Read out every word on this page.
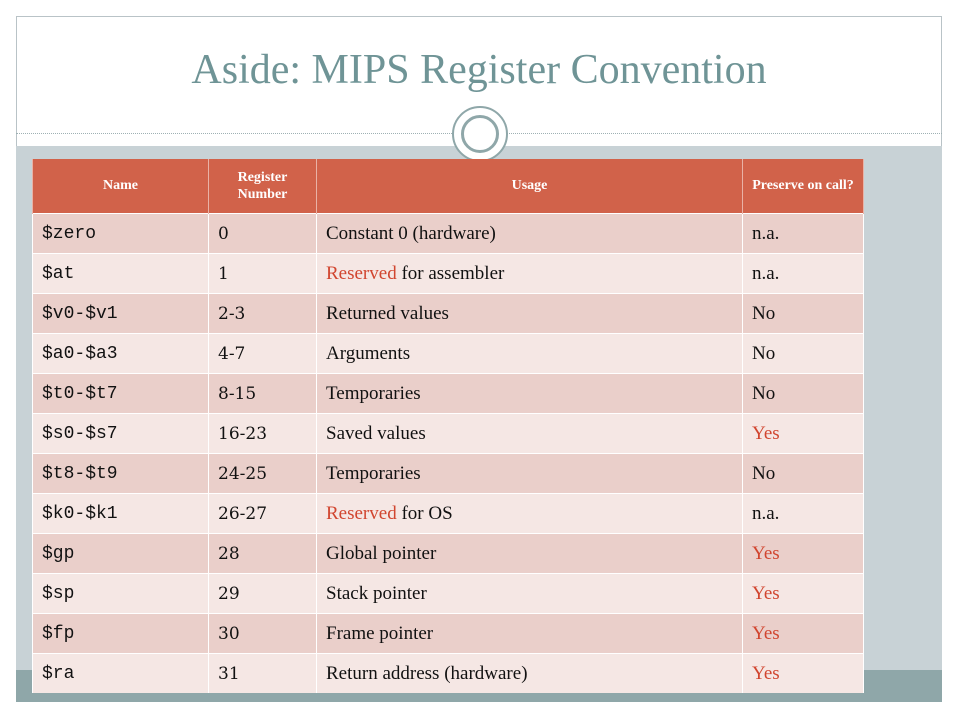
Aside: MIPS Register Convention
Name	Register Number	Usage	Preserve on call?
$zero	0	Constant 0 (hardware)	n.a.
$at	1	Reserved for assembler	n.a.
$v0-$v1	2-3	Returned values	No
$a0-$a3	4-7	Arguments	No
$t0-$t7	8-15	Temporaries	No
$s0-$s7	16-23	Saved values	Yes
$t8-$t9	24-25	Temporaries	No
$k0-$k1	26-27	Reserved for OS	n.a.
$gp	28	Global pointer	Yes
$sp	29	Stack pointer	Yes
$fp	30	Frame pointer	Yes
$ra	31	Return address (hardware)	Yes
